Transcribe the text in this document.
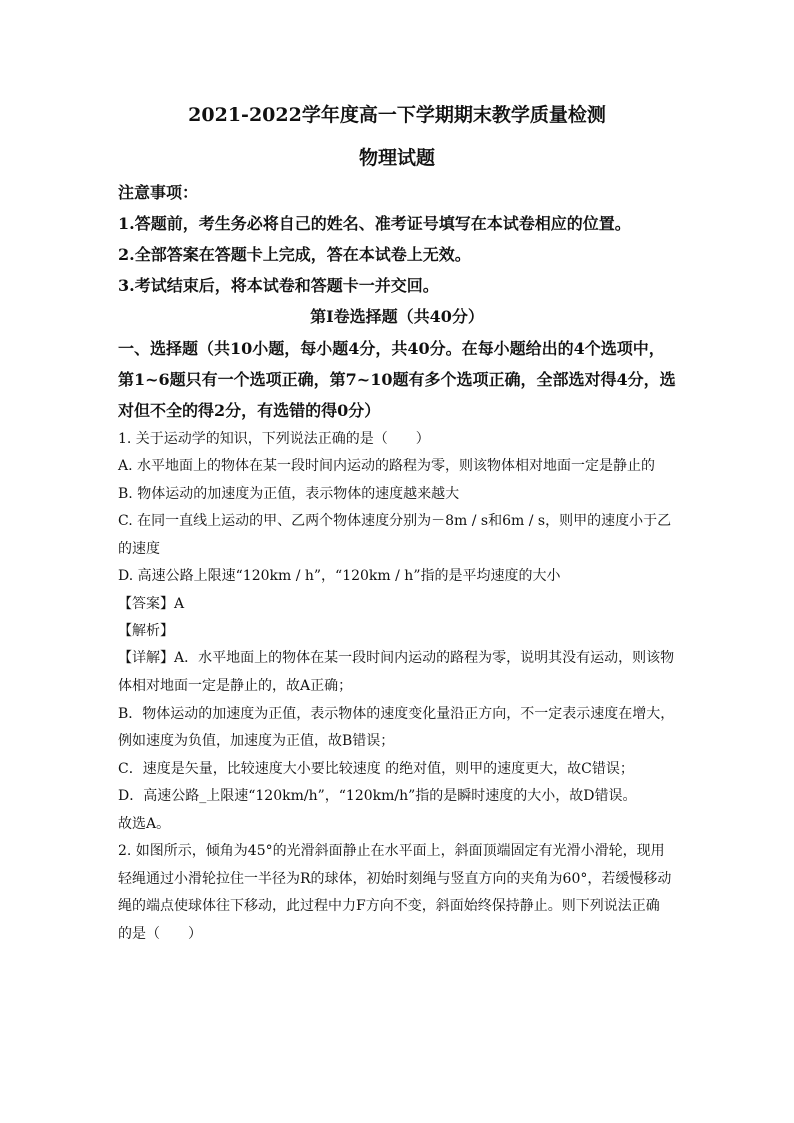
2021-2022学年度高一下学期期末教学质量检测
物理试题
注意事项：
1.答题前，考生务必将自己的姓名、准考证号填写在本试卷相应的位置。
2.全部答案在答题卡上完成，答在本试卷上无效。
3.考试结束后，将本试卷和答题卡一并交回。
第Ⅰ卷选择题（共40分）
一、选择题（共10小题，每小题4分，共40分。在每小题给出的4个选项中，
第1~6题只有一个选项正确，第7~10题有多个选项正确，全部选对得4分，选
对但不全的得2分，有选错的得0分）
1. 关于运动学的知识，下列说法正确的是（　　）
A. 水平地面上的物体在某一段时间内运动的路程为零，则该物体相对地面一定是静止的
B. 物体运动的加速度为正值，表示物体的速度越来越大
C. 在同一直线上运动的甲、乙两个物体速度分别为－8m / s和6m / s，则甲的速度小于乙
的速度
D. 高速公路上限速“120km / h”，“120km / h”指的是平均速度的大小
【答案】A
【解析】
【详解】A．水平地面上的物体在某一段时间内运动的路程为零，说明其没有运动，则该物
体相对地面一定是静止的，故A正确；
B．物体运动的加速度为正值，表示物体的速度变化量沿正方向，不一定表示速度在增大，
例如速度为负值，加速度为正值，故B错误；
C．速度是矢量，比较速度大小要比较速度 的绝对值，则甲的速度更大，故C错误；
D．高速公路_上限速“120km/h”，“120km/h”指的是瞬时速度的大小，故D错误。
故选A。
2. 如图所示，倾角为45°的光滑斜面静止在水平面上，斜面顶端固定有光滑小滑轮，现用
轻绳通过小滑轮拉住一半径为R的球体，初始时刻绳与竖直方向的夹角为60°，若缓慢移动
绳的端点使球体往下移动，此过程中力F方向不变，斜面始终保持静止。则下列说法正确
的是（　　）
